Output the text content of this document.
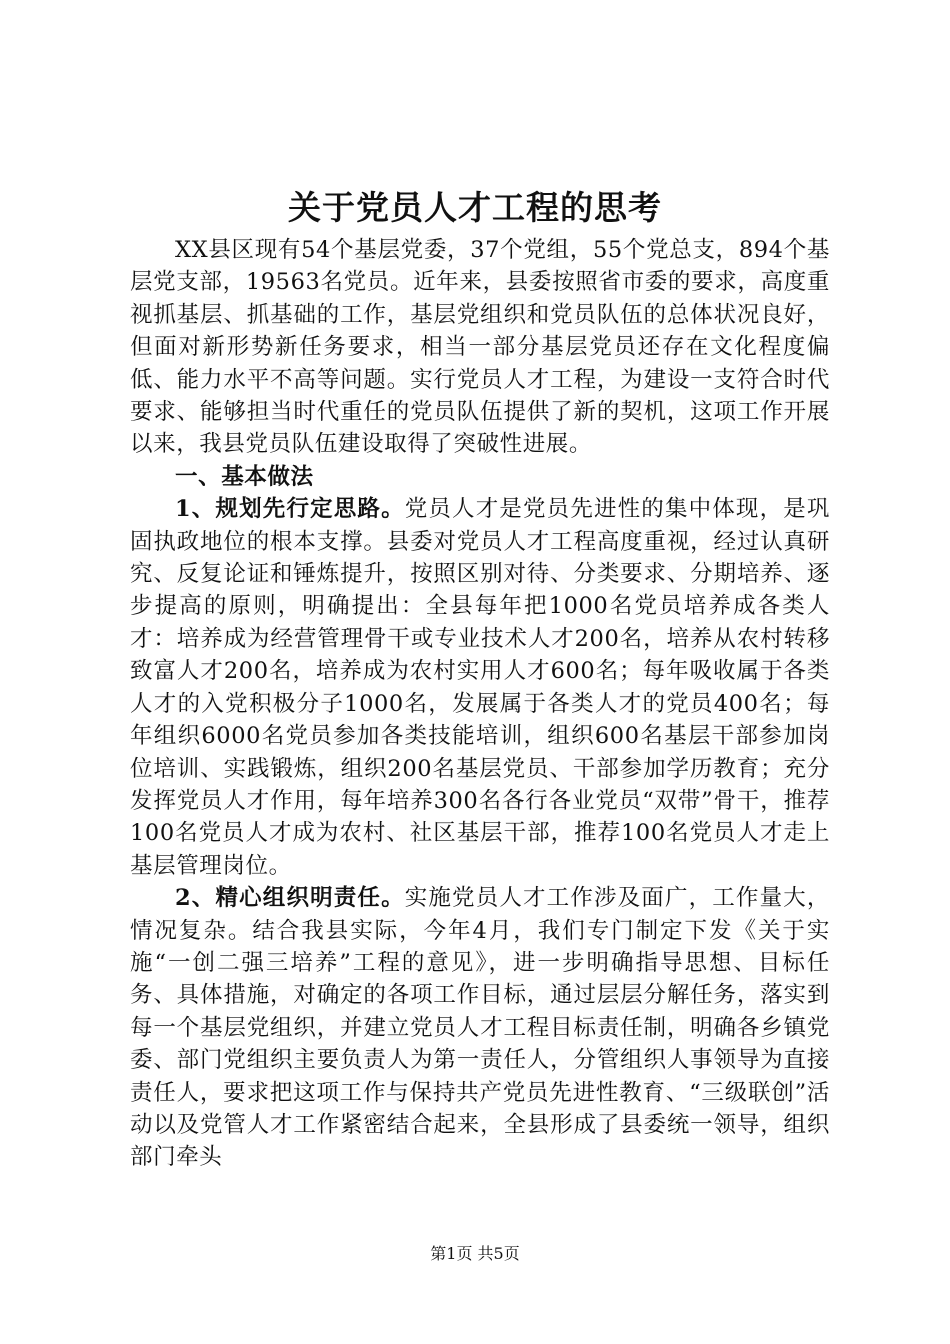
关于党员人才工程的思考

XX县区现有54个基层党委，37个党组，55个党总支，894个基层党支部，19563名党员。近年来，县委按照省市委的要求，高度重视抓基层、抓基础的工作，基层党组织和党员队伍的总体状况良好，但面对新形势新任务要求，相当一部分基层党员还存在文化程度偏低、能力水平不高等问题。实行党员人才工程，为建设一支符合时代要求、能够担当时代重任的党员队伍提供了新的契机，这项工作开展以来，我县党员队伍建设取得了突破性进展。

一、基本做法

1、规划先行定思路。党员人才是党员先进性的集中体现，是巩固执政地位的根本支撑。县委对党员人才工程高度重视，经过认真研究、反复论证和锤炼提升，按照区别对待、分类要求、分期培养、逐步提高的原则，明确提出：全县每年把1000名党员培养成各类人才：培养成为经营管理骨干或专业技术人才200名，培养从农村转移致富人才200名，培养成为农村实用人才600名；每年吸收属于各类人才的入党积极分子1000名，发展属于各类人才的党员400名；每年组织6000名党员参加各类技能培训，组织600名基层干部参加岗位培训、实践锻炼，组织200名基层党员、干部参加学历教育；充分发挥党员人才作用，每年培养300名各行各业党员“双带”骨干，推荐100名党员人才成为农村、社区基层干部，推荐100名党员人才走上基层管理岗位。

2、精心组织明责任。实施党员人才工作涉及面广，工作量大，情况复杂。结合我县实际，今年4月，我们专门制定下发《关于实施“一创二强三培养”工程的意见》，进一步明确指导思想、目标任务、具体措施，对确定的各项工作目标，通过层层分解任务，落实到每一个基层党组织，并建立党员人才工程目标责任制，明确各乡镇党委、部门党组织主要负责人为第一责任人，分管组织人事领导为直接责任人，要求把这项工作与保持共产党员先进性教育、“三级联创”活动以及党管人才工作紧密结合起来，全县形成了县委统一领导，组织部门牵头

第1页 共5页
